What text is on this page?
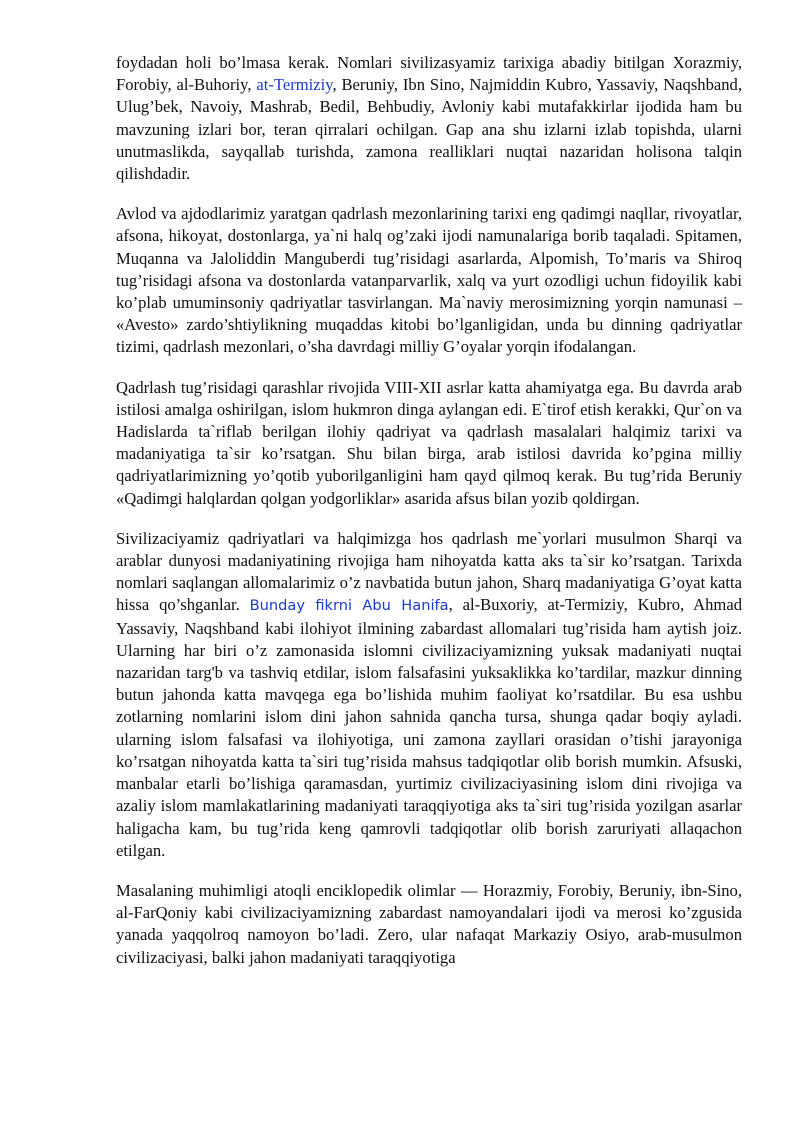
foydadan holi bo’lmasa kerak. Nomlari sivilizasyamiz tarixiga abadiy bitilgan Xorazmiy, Forobiy, al-Buhoriy, at-Termiziy, Beruniy, Ibn Sino, Najmiddin Kubro, Yassaviy, Naqshband, Ulug’bek, Navoiy, Mashrab, Bedil, Behbudiy, Avloniy kabi mutafakkirlar ijodida ham bu mavzuning izlari bor, teran qirralari ochilgan. Gap ana shu izlarni izlab topishda, ularni unutmaslikda, sayqallab turishda, zamona realliklari nuqtai nazaridan holisona talqin qilishdadir.

Avlod va ajdodlarimiz yaratgan qadrlash mezonlarining tarixi eng qadimgi naqllar, rivoyatlar, afsona, hikoyat, dostonlarga, ya`ni halq og’zaki ijodi namunalariga borib taqaladi. Spitamen, Muqanna va Jaloliddin Manguberdi tug’risidagi asarlarda, Alpomish, To’maris va Shiroq tug’risidagi afsona va dostonlarda vatanparvarlik, xalq va yurt ozodligi uchun fidoyilik kabi ko’plab umuminsoniy qadriyatlar tasvirlangan. Ma`naviy merosimizning yorqin namunasi – «Avesto» zardo’shtiylikning muqaddas kitobi bo’lganligidan, unda bu dinning qadriyatlar tizimi, qadrlash mezonlari, o’sha davrdagi milliy G’oyalar yorqin ifodalangan.

Qadrlash tug’risidagi qarashlar rivojida VIII-XII asrlar katta ahamiyatga ega. Bu davrda arab istilosi amalga oshirilgan, islom hukmron dinga aylangan edi. E`tirof etish kerakki, Qur`on va Hadislarda ta`riflab berilgan ilohiy qadriyat va qadrlash masalalari halqimiz tarixi va madaniyatiga ta`sir ko’rsatgan. Shu bilan birga, arab istilosi davrida ko’pgina milliy qadriyatlarimizning yo’qotib yuborilganligini ham qayd qilmoq kerak. Bu tug’rida Beruniy «Qadimgi halqlardan qolgan yodgorliklar» asarida afsus bilan yozib qoldirgan.

Sivilizaciyamiz qadriyatlari va halqimizga hos qadrlash me`yorlari musulmon Sharqi va arablar dunyosi madaniyatining rivojiga ham nihoyatda katta aks ta`sir ko’rsatgan. Tarixda nomlari saqlangan allomalarimiz o’z navbatida butun jahon, Sharq madaniyatiga G’oyat katta hissa qo’shganlar. Bunday fikrni Abu Hanifa, al-Buxoriy, at-Termiziy, Kubro, Ahmad Yassaviy, Naqshband kabi ilohiyot ilmining zabardast allomalari tug’risida ham aytish joiz. Ularning har biri o’z zamonasida islomni civilizaciyamizning yuksak madaniyati nuqtai nazaridan targ'b va tashviq etdilar, islom falsafasini yuksaklikka ko’tardilar, mazkur dinning butun jahonda katta mavqega ega bo’lishida muhim faoliyat ko’rsatdilar. Bu esa ushbu zotlarning nomlarini islom dini jahon sahnida qancha tursa, shunga qadar boqiy ayladi. ularning islom falsafasi va ilohiyotiga, uni zamona zayllari orasidan o’tishi jarayoniga ko’rsatgan nihoyatda katta ta`siri tug’risida mahsus tadqiqotlar olib borish mumkin. Afsuski, manbalar etarli bo’lishiga qaramasdan, yurtimiz civilizaciyasining islom dini rivojiga va azaliy islom mamlakatlarining madaniyati taraqqiyotiga aks ta`siri tug’risida yozilgan asarlar haligacha kam, bu tug’rida keng qamrovli tadqiqotlar olib borish zaruriyati allaqachon etilgan.

Masalaning muhimligi atoqli enciklopedik olimlar — Horazmiy, Forobiy, Beruniy, ibn-Sino, al-FarQoniy kabi civilizaciyamizning zabardast namoyandalari ijodi va merosi ko’zgusida yanada yaqqolroq namoyon bo’ladi. Zero, ular nafaqat Markaziy Osiyo, arab-musulmon civilizaciyasi, balki jahon madaniyati taraqqiyotiga
